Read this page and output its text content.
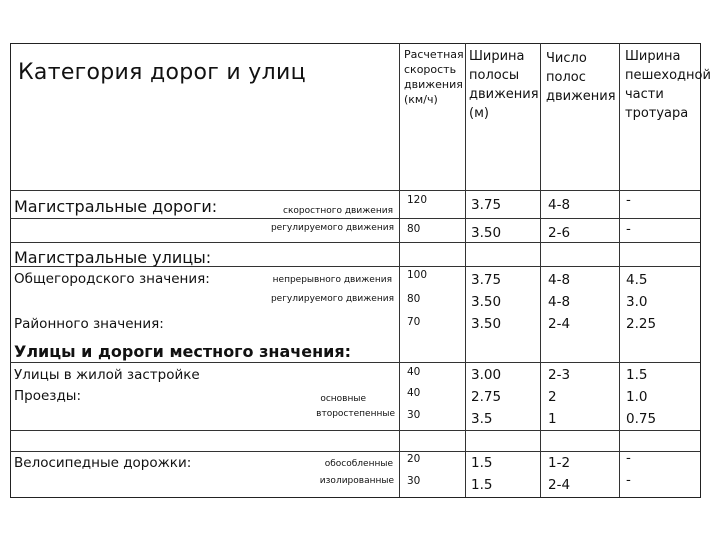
Категория дорог и улиц
Расчетная скорость движения (км/ч)
Ширина полосы движения (м)
Число полос движения
Ширина пешеходной части тротуара
Магистральные дороги:
Магистральные улицы:
Общегородского значения:
Районного значения:
Улицы и дороги местного значения:
Улицы в жилой застройке
Проезды:
Велосипедные дорожки:
скоростного движения
регулируемого движения
непрерывного движения
регулируемого движения
основные
второстепенные
обособленные
изолированные
120
80
100
80
70
40
40
30
20
30
3.75
3.50
3.75
3.50
3.50
3.00
2.75
3.5
1.5
1.5
4-8
2-6
4-8
4-8
2-4
2-3
2
1
1-2
2-4
-
-
4.5
3.0
2.25
1.5
1.0
0.75
-
-
